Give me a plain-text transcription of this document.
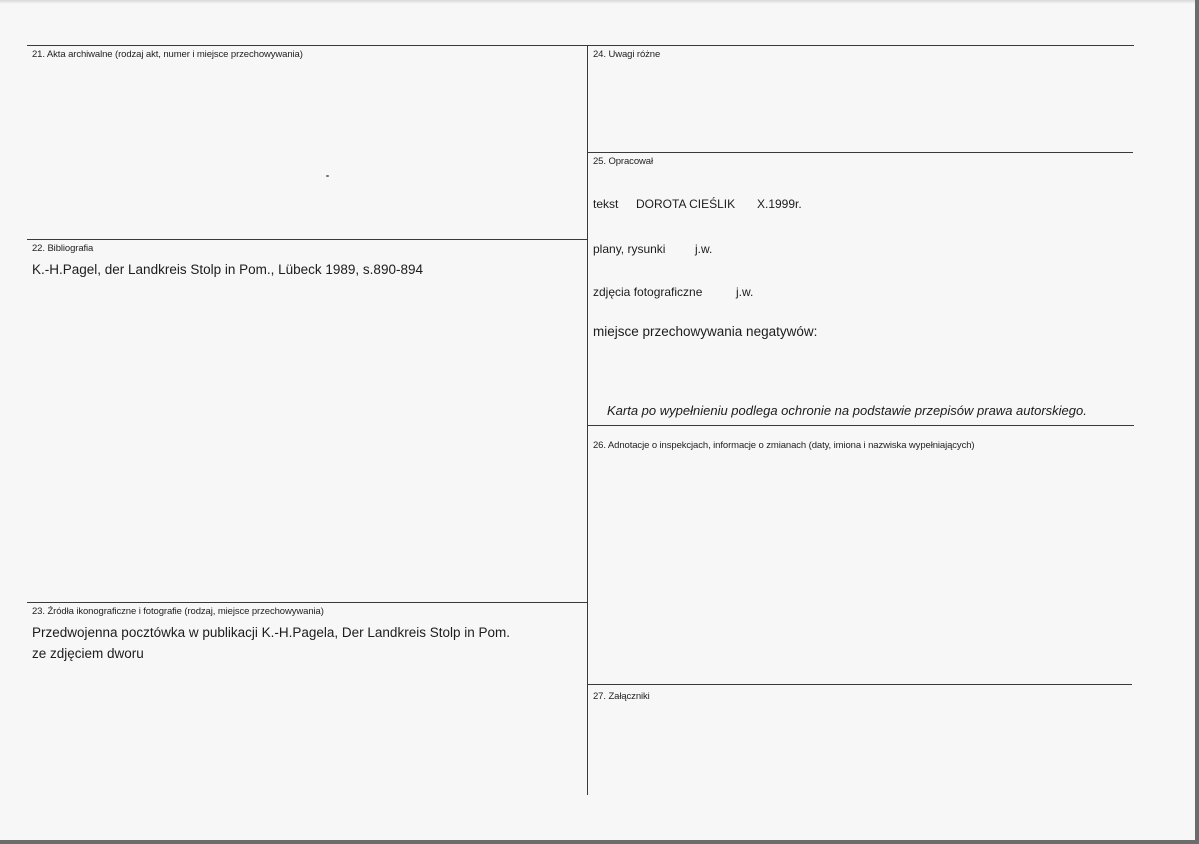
21. Akta archiwalne (rodzaj akt, numer i miejsce przechowywania)
22. Bibliografia
K.-H.Pagel, der Landkreis Stolp in Pom., Lübeck 1989, s.890-894
23. Źródła ikonograficzne i fotografie (rodzaj, miejsce przechowywania)
Przedwojenna pocztówka w publikacji K.-H.Pagela, Der Landkreis Stolp in Pom.
ze zdjęciem dworu
24. Uwagi różne
25. Opracował
tekst DOROTA CIEŚLIK X.1999r.
plany, rysunki j.w.
zdjęcia fotograficzne	j.w.
miejsce przechowywania negatywów:
Karta po wypełnieniu podlega ochronie na podstawie przepisów prawa autorskiego.
26. Adnotacje o inspekcjach, informacje o zmianach (daty, imiona i nazwiska wypełniających)
27. Załączniki
